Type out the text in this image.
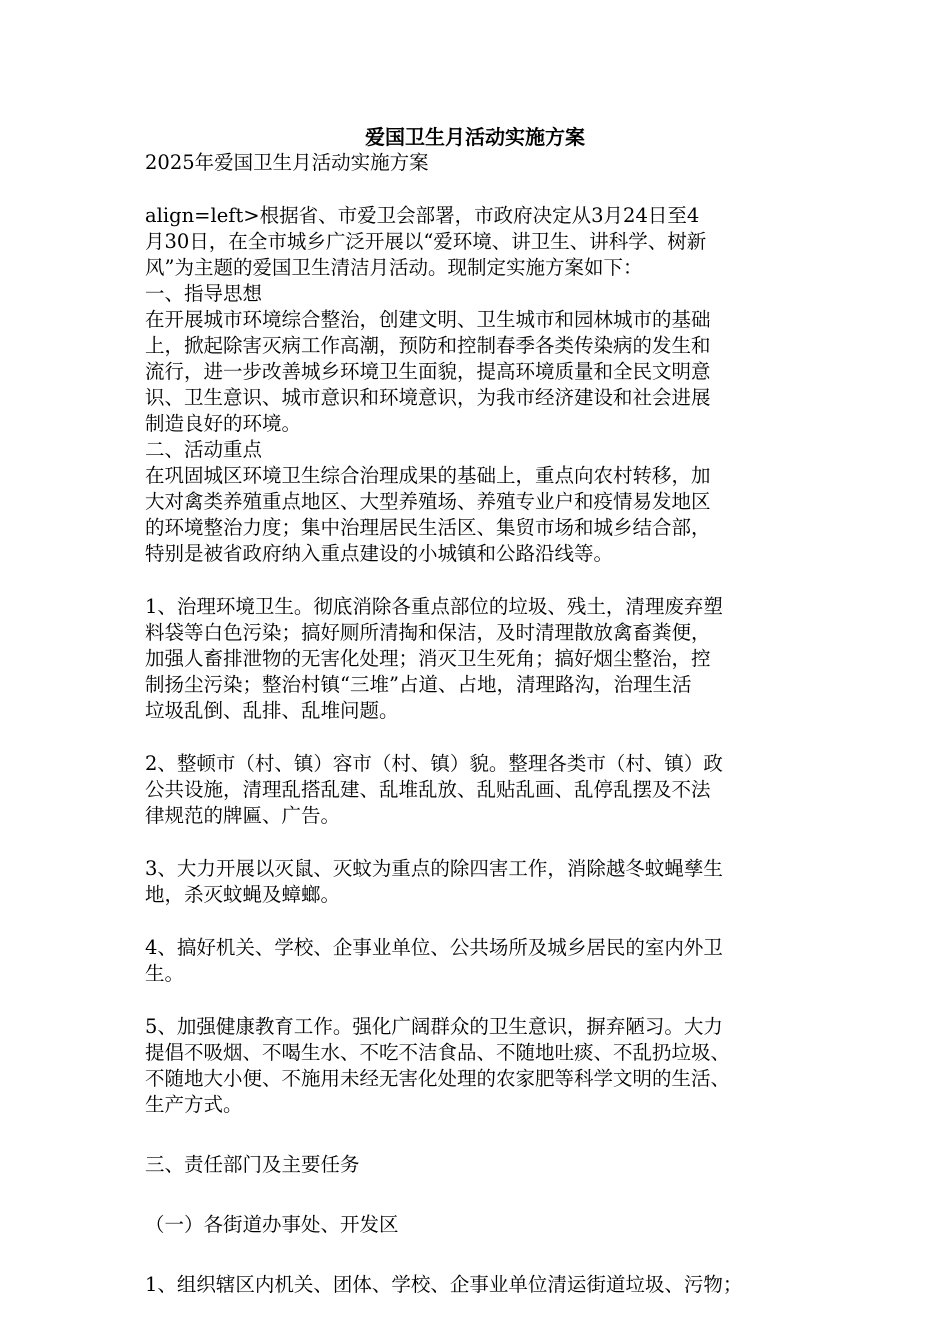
爱国卫生月活动实施方案

2025年爱国卫生月活动实施方案

align=left>根据省、市爱卫会部署，市政府决定从3月24日至4

月30日，在全市城乡广泛开展以“爱环境、讲卫生、讲科学、树新

风”为主题的爱国卫生清洁月活动。现制定实施方案如下：

一、指导思想

在开展城市环境综合整治，创建文明、卫生城市和园林城市的基础

上，掀起除害灭病工作高潮，预防和控制春季各类传染病的发生和

流行，进一步改善城乡环境卫生面貌，提高环境质量和全民文明意

识、卫生意识、城市意识和环境意识，为我市经济建设和社会进展

制造良好的环境。

二、活动重点

在巩固城区环境卫生综合治理成果的基础上，重点向农村转移，加

大对禽类养殖重点地区、大型养殖场、养殖专业户和疫情易发地区

的环境整治力度；集中治理居民生活区、集贸市场和城乡结合部，

特别是被省政府纳入重点建设的小城镇和公路沿线等。

1、治理环境卫生。彻底消除各重点部位的垃圾、残土，清理废弃塑

料袋等白色污染；搞好厕所清掏和保洁，及时清理散放禽畜粪便，

加强人畜排泄物的无害化处理；消灭卫生死角；搞好烟尘整治，控

制扬尘污染；整治村镇“三堆”占道、占地，清理路沟，治理生活

垃圾乱倒、乱排、乱堆问题。

2、整顿市（村、镇）容市（村、镇）貌。整理各类市（村、镇）政

公共设施，清理乱搭乱建、乱堆乱放、乱贴乱画、乱停乱摆及不法

律规范的牌匾、广告。

3、大力开展以灭鼠、灭蚊为重点的除四害工作，消除越冬蚊蝇孳生

地，杀灭蚊蝇及蟑螂。

4、搞好机关、学校、企事业单位、公共场所及城乡居民的室内外卫

生。

5、加强健康教育工作。强化广阔群众的卫生意识，摒弃陋习。大力

提倡不吸烟、不喝生水、不吃不洁食品、不随地吐痰、不乱扔垃圾、

不随地大小便、不施用未经无害化处理的农家肥等科学文明的生活、

生产方式。

三、责任部门及主要任务

（一）各街道办事处、开发区

1、组织辖区内机关、团体、学校、企事业单位清运街道垃圾、污物；
